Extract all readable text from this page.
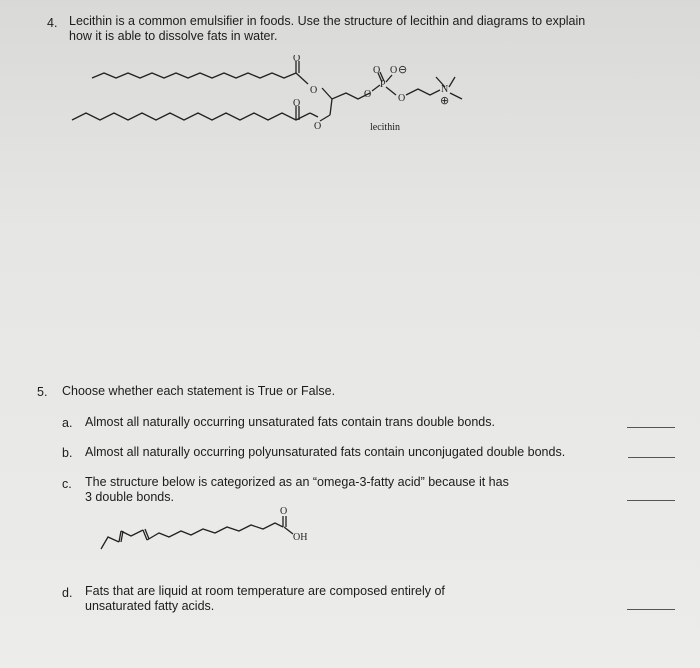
4. Lecithin is a common emulsifier in foods. Use the structure of lecithin and diagrams to explain
how it is able to dissolve fats in water.
O
O
O
O
O
P
O O
O
N
⊖
⊕
lecithin
5. Choose whether each statement is True or False.
a. Almost all naturally occurring unsaturated fats contain trans double bonds.
b. Almost all naturally occurring polyunsaturated fats contain unconjugated double bonds.
c. The structure below is categorized as an “omega-3-fatty acid” because it has
3 double bonds.
O
OH
d. Fats that are liquid at room temperature are composed entirely of
unsaturated fatty acids.
